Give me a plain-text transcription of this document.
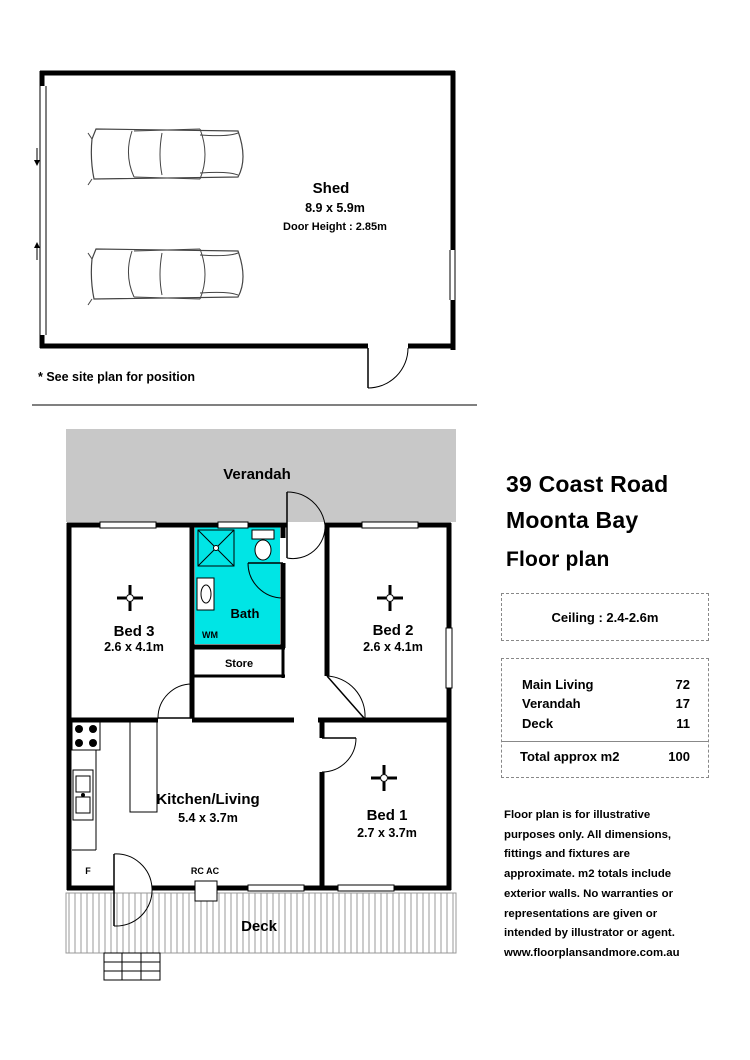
Shed
8.9 x 5.9m
Door Height : 2.85m
* See site plan for position
Verandah
Bath
WM
Store
Bed 3
2.6 x 4.1m
Bed 2
2.6 x 4.1m
Bed 1
2.7 x 3.7m
Kitchen/Living
5.4 x 3.7m
F	RC AC
Deck
39 Coast Road
Moonta Bay
Floor plan
Ceiling : 2.4-2.6m
Main Living	72
Verandah	17
Deck	11
Total approx m2	100
Floor plan is for illustrative
purposes only. All dimensions,
fittings and fixtures are
approximate. m2 totals include
exterior walls. No warranties or
representations are given or
intended by illustrator or agent.
www.floorplansandmore.com.au
